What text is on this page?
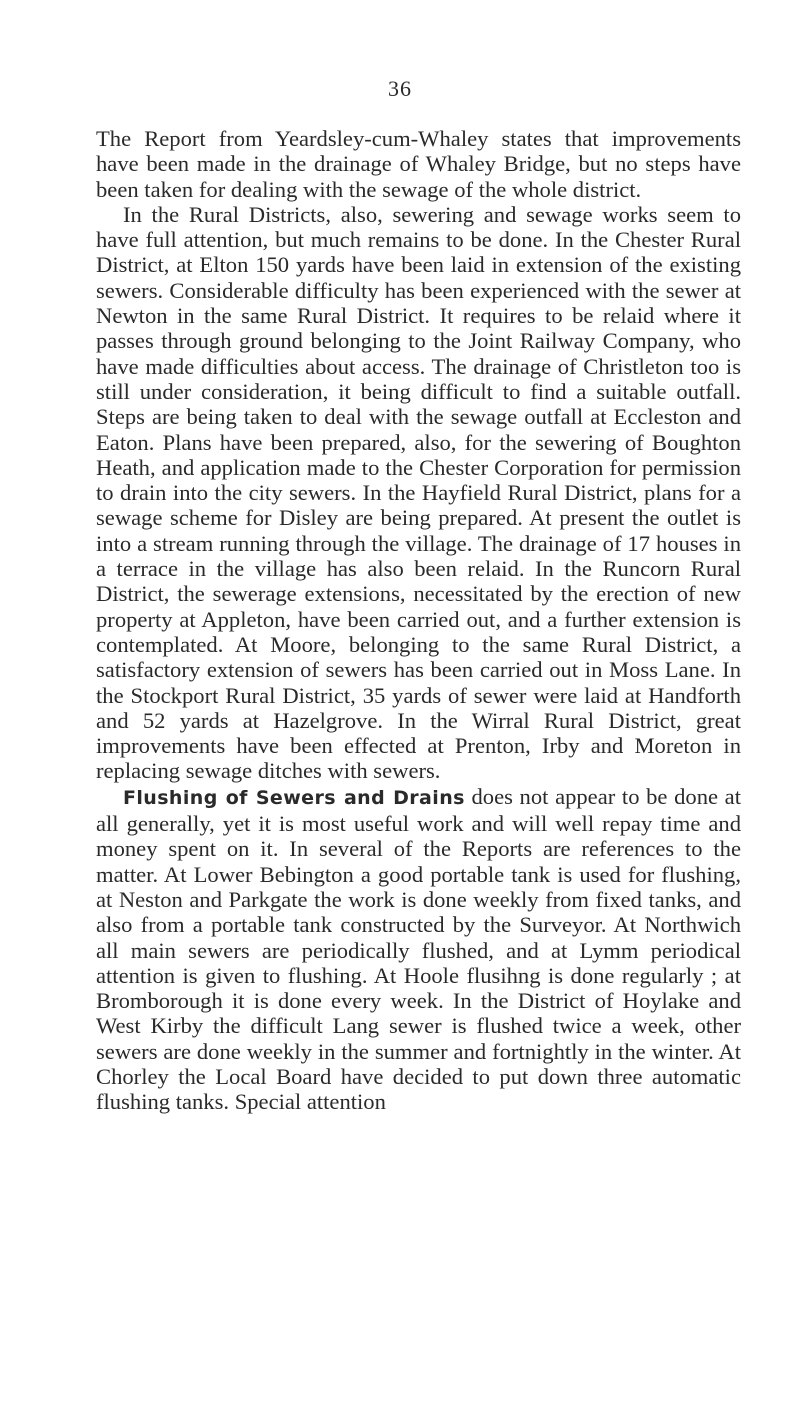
36

The Report from Yeardsley-cum-Whaley states that improvements have been made in the drainage of Whaley Bridge, but no steps have been taken for dealing with the sewage of the whole district.

In the Rural Districts, also, sewering and sewage works seem to have full attention, but much remains to be done. In the Chester Rural District, at Elton 150 yards have been laid in extension of the existing sewers. Considerable difficulty has been experienced with the sewer at Newton in the same Rural District. It requires to be relaid where it passes through ground belonging to the Joint Railway Company, who have made difficulties about access. The drainage of Christleton too is still under consideration, it being difficult to find a suitable outfall. Steps are being taken to deal with the sewage outfall at Eccleston and Eaton. Plans have been prepared, also, for the sewering of Boughton Heath, and application made to the Chester Corporation for permission to drain into the city sewers. In the Hayfield Rural District, plans for a sewage scheme for Disley are being prepared. At present the outlet is into a stream running through the village. The drainage of 17 houses in a terrace in the village has also been relaid. In the Runcorn Rural District, the sewerage extensions, necessitated by the erection of new property at Appleton, have been carried out, and a further extension is contemplated. At Moore, belonging to the same Rural District, a satisfactory extension of sewers has been carried out in Moss Lane. In the Stockport Rural District, 35 yards of sewer were laid at Handforth and 52 yards at Hazelgrove. In the Wirral Rural District, great improvements have been effected at Prenton, Irby and Moreton in replacing sewage ditches with sewers.

Flushing of Sewers and Drains does not appear to be done at all generally, yet it is most useful work and will well repay time and money spent on it. In several of the Reports are references to the matter. At Lower Bebington a good portable tank is used for flushing, at Neston and Parkgate the work is done weekly from fixed tanks, and also from a portable tank constructed by the Surveyor. At Northwich all main sewers are periodically flushed, and at Lymm periodical attention is given to flushing. At Hoole flusihng is done regularly ; at Bromborough it is done every week. In the District of Hoylake and West Kirby the difficult Lang sewer is flushed twice a week, other sewers are done weekly in the summer and fortnightly in the winter. At Chorley the Local Board have decided to put down three automatic flushing tanks. Special attention
